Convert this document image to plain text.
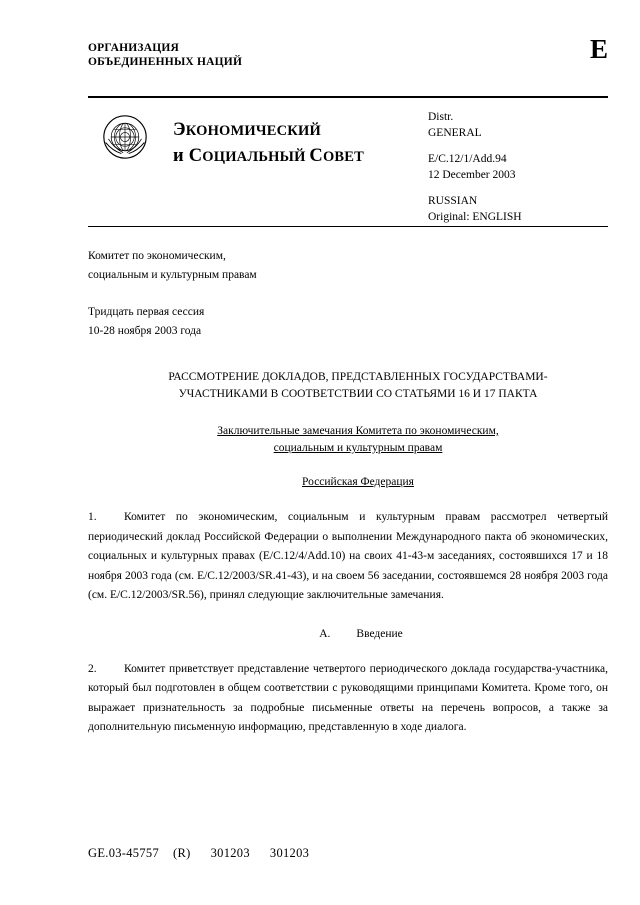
ОРГАНИЗАЦИЯ
ОБЪЕДИНЕННЫХ НАЦИЙ	E
ЭКОНОМИЧЕСКИЙ
и СОЦИАЛЬНЫЙ СОВЕТ
Distr.
GENERAL
E/C.12/1/Add.94
12 December 2003
RUSSIAN
Original: ENGLISH
Комитет по экономическим,
социальным и культурным правам
Тридцать первая сессия
10-28 ноября 2003 года
РАССМОТРЕНИЕ ДОКЛАДОВ, ПРЕДСТАВЛЕННЫХ ГОСУДАРСТВАМИ-
УЧАСТНИКАМИ В СООТВЕТСТВИИ СО СТАТЬЯМИ 16 И 17 ПАКТА
Заключительные замечания Комитета по экономическим,
социальным и культурным правам
Российская Федерация
1. Комитет по экономическим, социальным и культурным правам рассмотрел четвертый периодический доклад Российской Федерации о выполнении Международного пакта об экономических, социальных и культурных правах (E/C.12/4/Add.10) на своих 41-43-м заседаниях, состоявшихся 17 и 18 ноября 2003 года (см. E/C.12/2003/SR.41-43), и на своем 56 заседании, состоявшемся 28 ноября 2003 года (см. E/C.12/2003/SR.56), принял следующие заключительные замечания.
A. Введение
2. Комитет приветствует представление четвертого периодического доклада государства-участника, который был подготовлен в общем соответствии с руководящими принципами Комитета. Кроме того, он выражает признательность за подробные письменные ответы на перечень вопросов, а также за дополнительную письменную информацию, представленную в ходе диалога.
GE.03-45757 (R) 301203 301203
